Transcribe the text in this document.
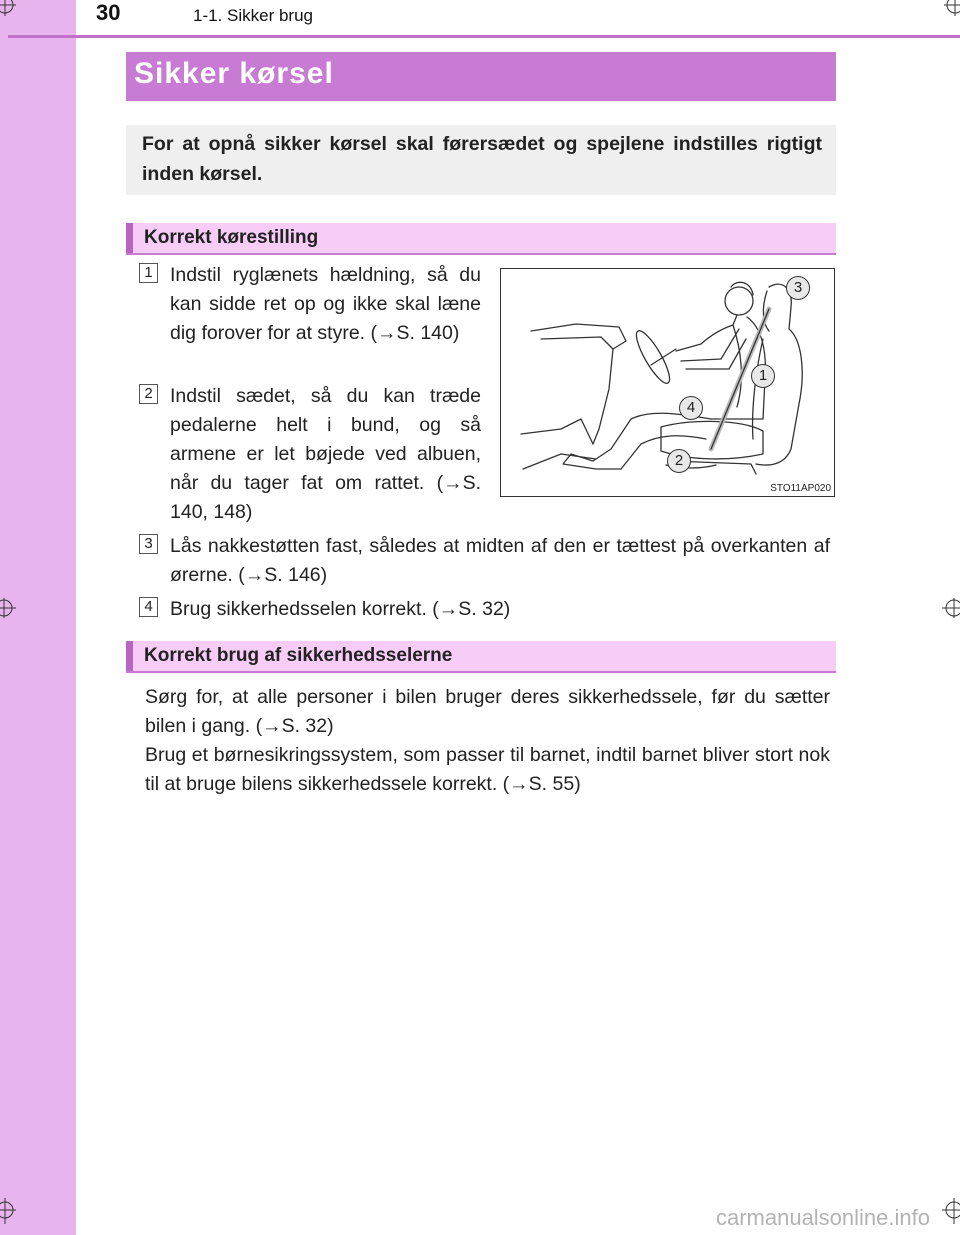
30	1-1. Sikker brug
Sikker kørsel
For at opnå sikker kørsel skal førersædet og spejlene indstilles rigtigt inden kørsel.
Korrekt kørestilling
1 Indstil ryglænets hældning, så du kan sidde ret op og ikke skal læne dig forover for at styre. (→S. 140)
2 Indstil sædet, så du kan træde pedalerne helt i bund, og så armene er let bøjede ved albuen, når du tager fat om rattet. (→S. 140, 148)
3 Lås nakkestøtten fast, således at midten af den er tættest på overkanten af ørerne. (→S. 146)
4 Brug sikkerhedsselen korrekt. (→S. 32)
3
1
4
2
STO11AP020
Korrekt brug af sikkerhedsselerne
Sørg for, at alle personer i bilen bruger deres sikkerhedssele, før du sætter bilen i gang. (→S. 32)
Brug et børnesikringssystem, som passer til barnet, indtil barnet bliver stort nok til at bruge bilens sikkerhedssele korrekt. (→S. 55)
carmanualsonline.info
